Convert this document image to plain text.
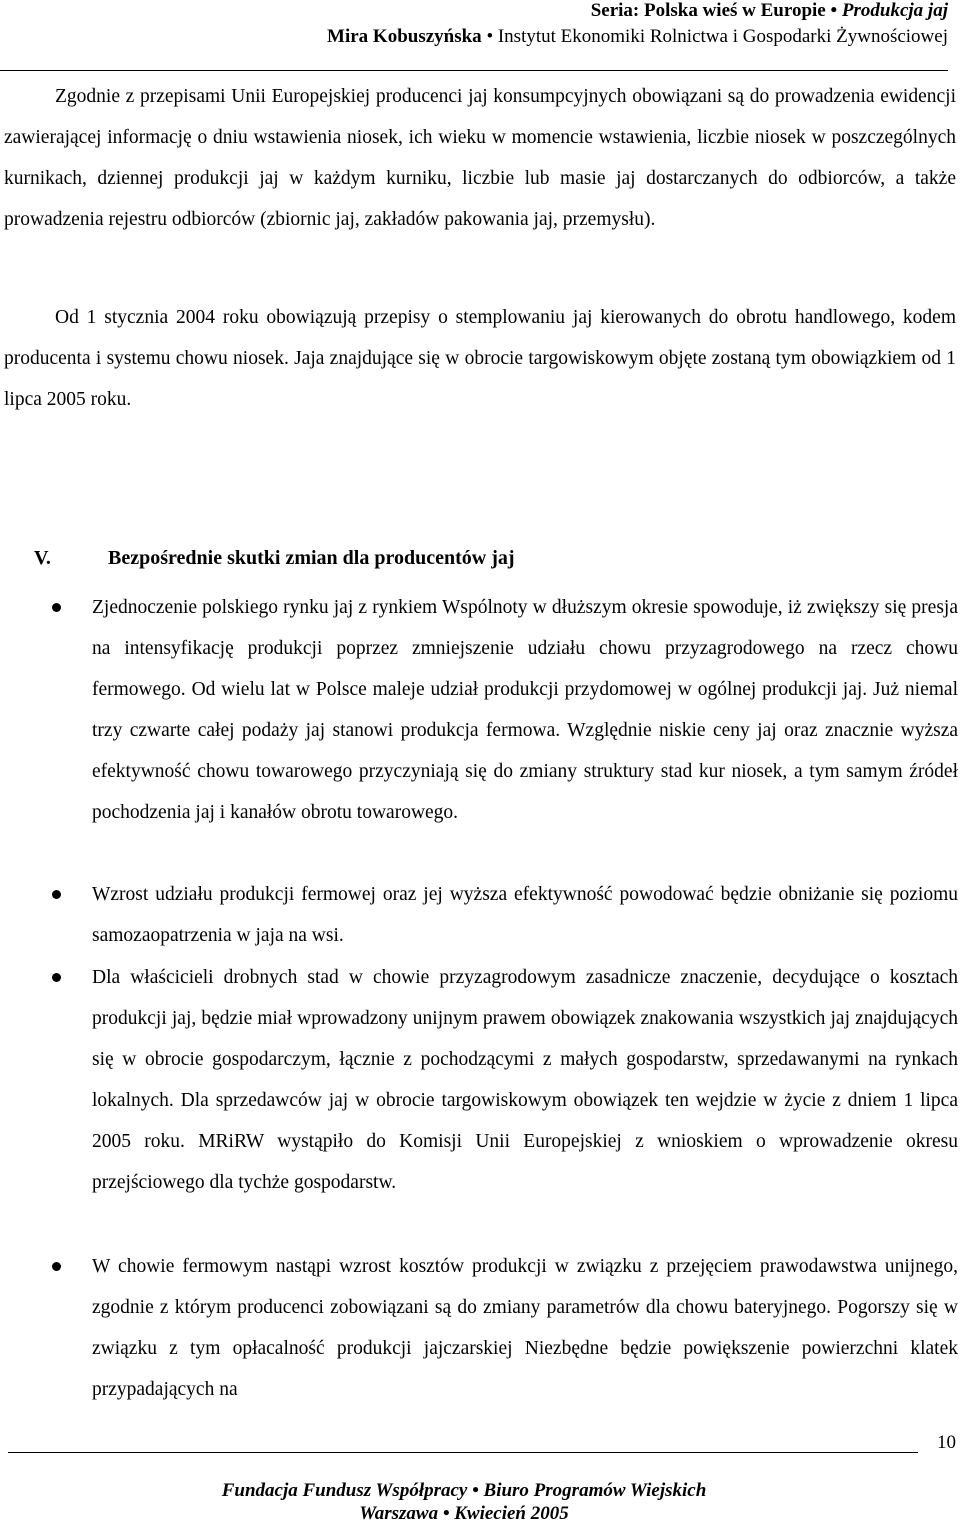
Seria: Polska wieś w Europie • Produkcja jaj
Mira Kobuszyńska • Instytut Ekonomiki Rolnictwa i Gospodarki Żywnościowej

Zgodnie z przepisami Unii Europejskiej producenci jaj konsumpcyjnych obowiązani są do prowadzenia ewidencji zawierającej informację o dniu wstawienia niosek, ich wieku w momencie wstawienia, liczbie niosek w poszczególnych kurnikach, dziennej produkcji jaj w każdym kurniku, liczbie lub masie jaj dostarczanych do odbiorców, a także prowadzenia rejestru odbiorców (zbiornic jaj, zakładów pakowania jaj, przemysłu).

Od 1 stycznia 2004 roku obowiązują przepisy o stemplowaniu jaj kierowanych do obrotu handlowego, kodem producenta i systemu chowu niosek. Jaja znajdujące się w obrocie targowiskowym objęte zostaną tym obowiązkiem od 1 lipca 2005 roku.

V.	Bezpośrednie skutki zmian dla producentów jaj

Zjednoczenie polskiego rynku jaj z rynkiem Wspólnoty w dłuższym okresie spowoduje, iż zwiększy się presja na intensyfikację produkcji poprzez zmniejszenie udziału chowu przyzagrodowego na rzecz chowu fermowego. Od wielu lat w Polsce maleje udział produkcji przydomowej w ogólnej produkcji jaj. Już niemal trzy czwarte całej podaży jaj stanowi produkcja fermowa. Względnie niskie ceny jaj oraz znacznie wyższa efektywność chowu towarowego przyczyniają się do zmiany struktury stad kur niosek, a tym samym źródeł pochodzenia jaj i kanałów obrotu towarowego.

Wzrost udziału produkcji fermowej oraz jej wyższa efektywność powodować będzie obniżanie się poziomu samozaopatrzenia w jaja na wsi.

Dla właścicieli drobnych stad w chowie przyzagrodowym zasadnicze znaczenie, decydujące o kosztach produkcji jaj, będzie miał wprowadzony unijnym prawem obowiązek znakowania wszystkich jaj znajdujących się w obrocie gospodarczym, łącznie z pochodzącymi z małych gospodarstw, sprzedawanymi na rynkach lokalnych. Dla sprzedawców jaj w obrocie targowiskowym obowiązek ten wejdzie w życie z dniem 1 lipca 2005 roku. MRiRW wystąpiło do Komisji Unii Europejskiej z wnioskiem o wprowadzenie okresu przejściowego dla tychże gospodarstw.

W chowie fermowym nastąpi wzrost kosztów produkcji w związku z przejęciem prawodawstwa unijnego, zgodnie z którym producenci zobowiązani są do zmiany parametrów dla chowu bateryjnego. Pogorszy się w związku z tym opłacalność produkcji jajczarskiej Niezbędne będzie powiększenie powierzchni klatek przypadających na

10
Fundacja Fundusz Współpracy • Biuro Programów Wiejskich
Warszawa • Kwiecień 2005
